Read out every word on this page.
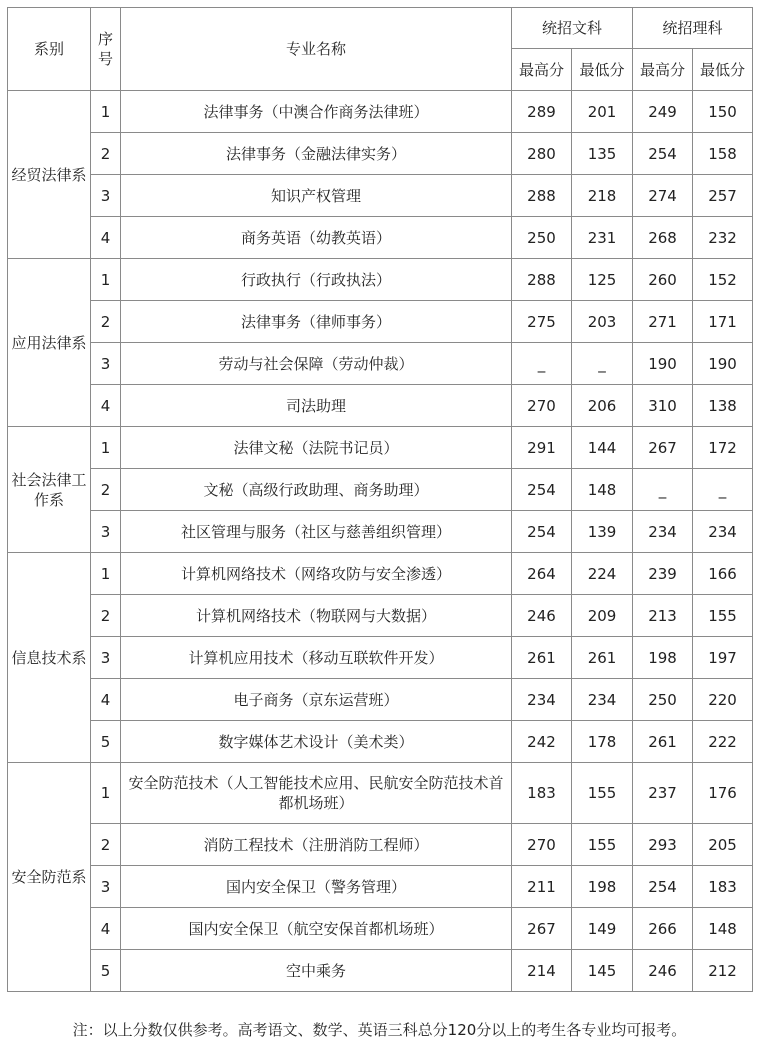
系别	序号	专业名称	统招文科		统招理科	
			最高分	最低分	最高分	最低分
经贸法律系	1	法律事务（中澳合作商务法律班）	289	201	249	150
	2	法律事务（金融法律实务）	280	135	254	158
	3	知识产权管理	288	218	274	257
	4	商务英语（幼教英语）	250	231	268	232
应用法律系	1	行政执行（行政执法）	288	125	260	152
	2	法律事务（律师事务）	275	203	271	171
	3	劳动与社会保障（劳动仲裁）	_	_	190	190
	4	司法助理	270	206	310	138
社会法律工作系	1	法律文秘（法院书记员）	291	144	267	172
	2	文秘（高级行政助理、商务助理）	254	148	_	_
	3	社区管理与服务（社区与慈善组织管理）	254	139	234	234
信息技术系	1	计算机网络技术（网络攻防与安全渗透）	264	224	239	166
	2	计算机网络技术（物联网与大数据）	246	209	213	155
	3	计算机应用技术（移动互联软件开发）	261	261	198	197
	4	电子商务（京东运营班）	234	234	250	220
	5	数字媒体艺术设计（美术类）	242	178	261	222
安全防范系	1	安全防范技术（人工智能技术应用、民航安全防范技术首都机场班）	183	155	237	176
	2	消防工程技术（注册消防工程师）	270	155	293	205
	3	国内安全保卫（警务管理）	211	198	254	183
	4	国内安全保卫（航空安保首都机场班）	267	149	266	148
	5	空中乘务	214	145	246	212
注：以上分数仅供参考。高考语文、数学、英语三科总分120分以上的考生各专业均可报考。
